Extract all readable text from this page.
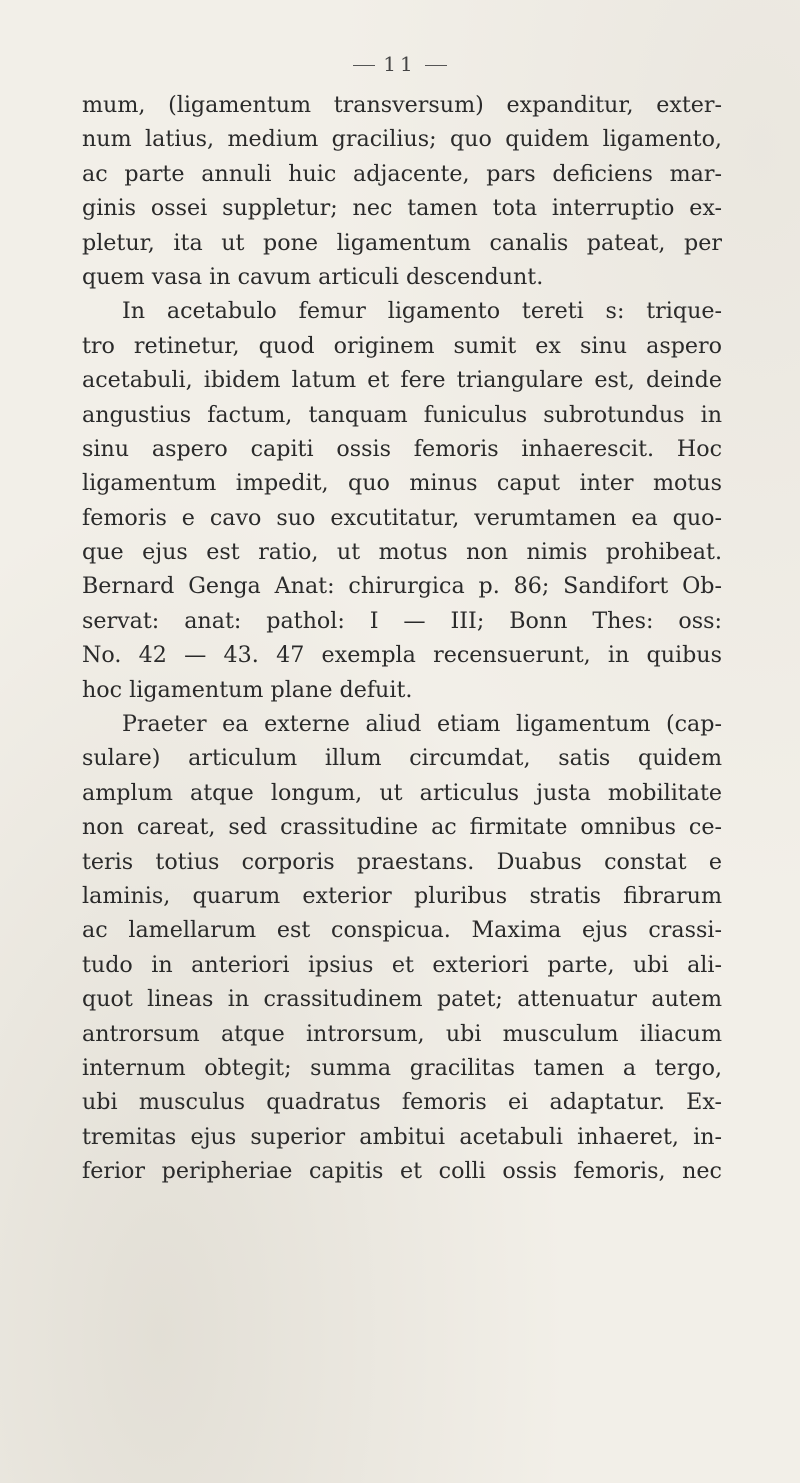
11
mum, (ligamentum transversum) expanditur, exter-
num latius, medium gracilius; quo quidem ligamento,
ac parte annuli huic adjacente, pars deficiens mar-
ginis ossei suppletur; nec tamen tota interruptio ex-
pletur, ita ut pone ligamentum canalis pateat, per
quem vasa in cavum articuli descendunt.
In acetabulo femur ligamento tereti s: trique-
tro retinetur, quod originem sumit ex sinu aspero
acetabuli, ibidem latum et fere triangulare est, deinde
angustius factum, tanquam funiculus subrotundus in
sinu aspero capiti ossis femoris inhaerescit. Hoc
ligamentum impedit, quo minus caput inter motus
femoris e cavo suo excutitatur, verumtamen ea quo-
que ejus est ratio, ut motus non nimis prohibeat.
Bernard Genga Anat: chirurgica p. 86; Sandifort Ob-
servat: anat: pathol: I — III; Bonn Thes: oss:
No. 42 — 43. 47 exempla recensuerunt, in quibus
hoc ligamentum plane defuit.
Praeter ea externe aliud etiam ligamentum (cap-
sulare) articulum illum circumdat, satis quidem
amplum atque longum, ut articulus justa mobilitate
non careat, sed crassitudine ac firmitate omnibus ce-
teris totius corporis praestans. Duabus constat e
laminis, quarum exterior pluribus stratis fibrarum
ac lamellarum est conspicua. Maxima ejus crassi-
tudo in anteriori ipsius et exteriori parte, ubi ali-
quot lineas in crassitudinem patet; attenuatur autem
antrorsum atque introrsum, ubi musculum iliacum
internum obtegit; summa gracilitas tamen a tergo,
ubi musculus quadratus femoris ei adaptatur. Ex-
tremitas ejus superior ambitui acetabuli inhaeret, in-
ferior peripheriae capitis et colli ossis femoris, nec
